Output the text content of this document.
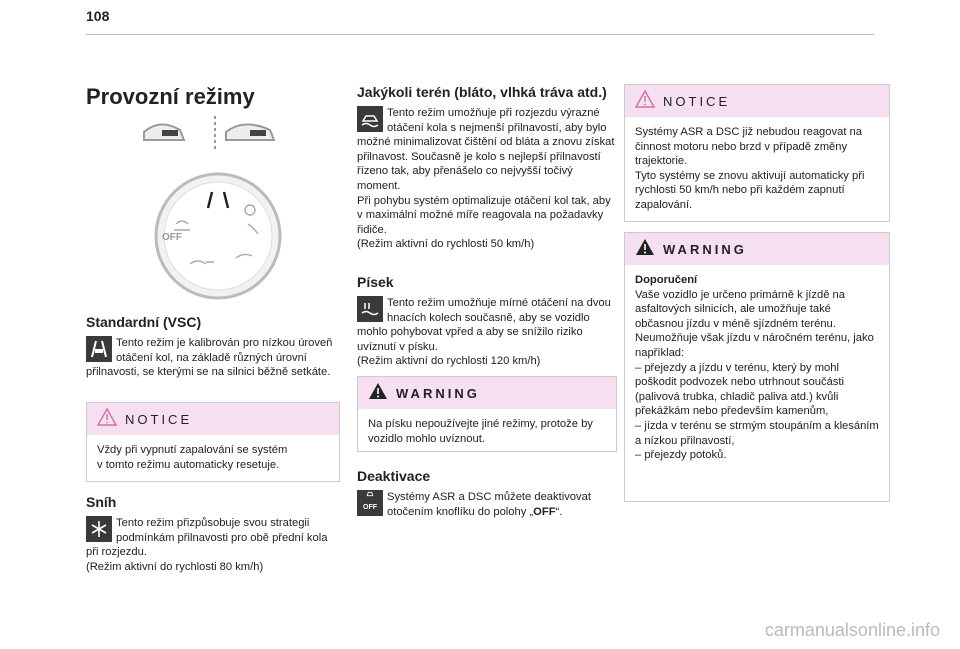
108
Provozní režimy
OFF
Standardní (VSC)

Tento režim je kalibrován pro nízkou úroveň otáčení kol, na základě různých úrovní přilnavosti, se kterými se na silnici běžně setkáte.

NOTICE

Vždy při vypnutí zapalování se systém

v tomto režimu automaticky resetuje.

Sníh

Tento režim přizpůsobuje svou strategii podmínkám přilnavosti pro obě přední kola při rozjezdu.

(Režim aktivní do rychlosti 80 km/h)

Jakýkoli terén (bláto, vlhká tráva atd.)

Tento režim umožňuje při rozjezdu výrazné otáčení kola s nejmenší přilnavostí, aby bylo možné minimalizovat čištění od bláta a znovu získat přilnavost. Současně je kolo s nejlepší přilnavostí řízeno tak, aby přenášelo co nejvyšší točivý moment.

Při pohybu systém optimalizuje otáčení kol tak, aby v maximální možné míře reagovala na požadavky řidiče.

(Režim aktivní do rychlosti 50 km/h)

Písek

Tento režim umožňuje mírné otáčení na dvou hnacích kolech současně, aby se vozidlo mohlo pohybovat vpřed a aby se snížilo riziko uvíznutí v písku.

(Režim aktivní do rychlosti 120 km/h)

WARNING

Na písku nepoužívejte jiné režimy, protože by vozidlo mohlo uvíznout.

Deaktivace
OFF

Systémy ASR a DSC můžete deaktivovat otočením knoflíku do polohy „OFF“.

NOTICE

Systémy ASR a DSC již nebudou reagovat na činnost motoru nebo brzd v případě změny trajektorie.

Tyto systémy se znovu aktivují automaticky při rychlosti 50 km/h nebo při každém zapnutí zapalování.

WARNING

Doporučení

Vaše vozidlo je určeno primárně k jízdě na asfaltových silnicích, ale umožňuje také občasnou jízdu v méně sjízdném terénu.

Neumožňuje však jízdu v náročném terénu, jako například:

– přejezdy a jízdu v terénu, který by mohl poškodit podvozek nebo utrhnout součásti (palivová trubka, chladič paliva atd.) kvůli překážkám nebo především kamenům,

– jízda v terénu se strmým stoupáním a klesáním a nízkou přilnavostí,

– přejezdy potoků.

carmanualsonline.info
